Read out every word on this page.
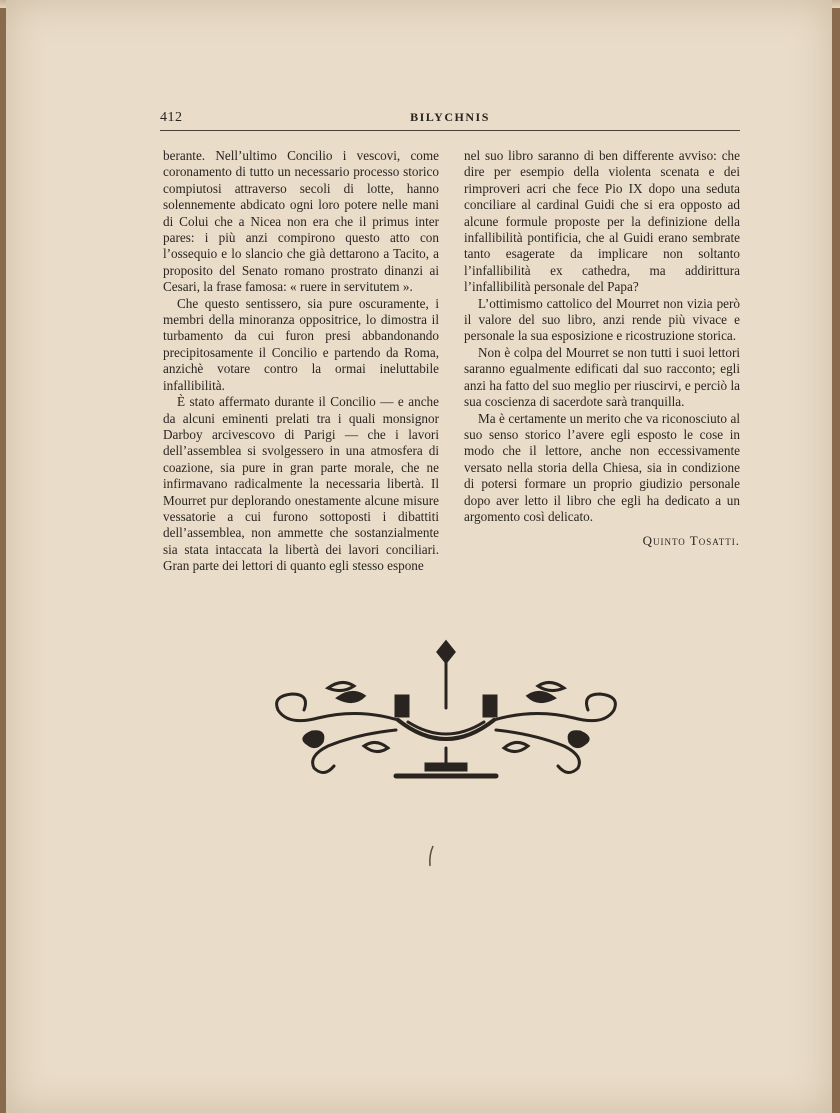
412	BILYCHNIS

berante. Nell’ultimo Concilio i vescovi, come coronamento di tutto un necessario processo storico compiutosi attraverso secoli di lotte, hanno solennemente abdicato ogni loro potere nelle mani di Colui che a Nicea non era che il primus inter pares: i più anzi compirono questo atto con l’ossequio e lo slancio che già dettarono a Tacito, a proposito del Senato romano prostrato dinanzi ai Cesari, la frase famosa: « ruere in servitutem ».

Che questo sentissero, sia pure oscuramente, i membri della minoranza oppositrice, lo dimostra il turbamento da cui furon presi abbandonando precipitosamente il Concilio e partendo da Roma, anzichè votare contro la ormai ineluttabile infallibilità.

È stato affermato durante il Concilio — e anche da alcuni eminenti prelati tra i quali monsignor Darboy arcivescovo di Parigi — che i lavori dell’assemblea si svolgessero in una atmosfera di coazione, sia pure in gran parte morale, che ne infirmavano radicalmente la necessaria libertà. Il Mourret pur deplorando onestamente alcune misure vessatorie a cui furono sottoposti i dibattiti dell’assemblea, non ammette che sostanzialmente sia stata intaccata la libertà dei lavori conciliari. Gran parte dei lettori di quanto egli stesso espone

nel suo libro saranno di ben differente avviso: che dire per esempio della violenta scenata e dei rimproveri acri che fece Pio IX dopo una seduta conciliare al cardinal Guidi che si era opposto ad alcune formule proposte per la definizione della infallibilità pontificia, che al Guidi erano sembrate tanto esagerate da implicare non soltanto l’infallibilità ex cathedra, ma addirittura l’infallibilità personale del Papa?

L’ottimismo cattolico del Mourret non vizia però il valore del suo libro, anzi rende più vivace e personale la sua esposizione e ricostruzione storica.

Non è colpa del Mourret se non tutti i suoi lettori saranno egualmente edificati dal suo racconto; egli anzi ha fatto del suo meglio per riuscirvi, e perciò la sua coscienza di sacerdote sarà tranquilla.

Ma è certamente un merito che va riconosciuto al suo senso storico l’avere egli esposto le cose in modo che il lettore, anche non eccessivamente versato nella storia della Chiesa, sia in condizione di potersi formare un proprio giudizio personale dopo aver letto il libro che egli ha dedicato a un argomento così delicato.

Quinto Tosatti.
